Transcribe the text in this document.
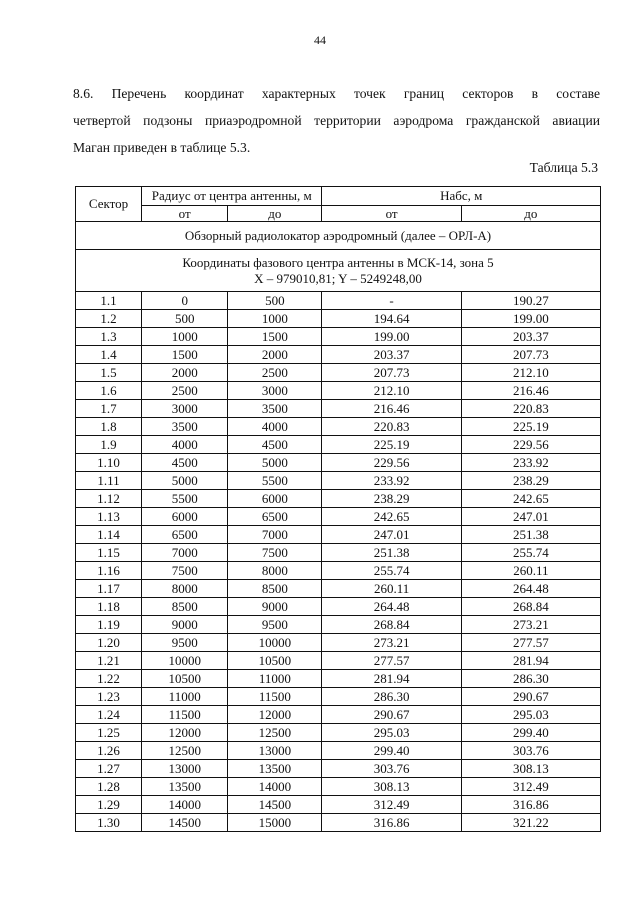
44
8.6. Перечень координат характерных точек границ секторов в составе
четвертой подзоны приаэродромной территории аэродрома гражданской авиации
Маган приведен в таблице 5.3.
Таблица 5.3
Сектор	Радиус от центра антенны, м		Набс, м	
	от	до	от	до
Обзорный радиолокатор аэродромный (далее – ОРЛ-А)				

Координаты фазового центра антенны в МСК-14, зона 5
X – 979010,81; Y – 5249248,00				

1.1	0	500	-	190.27
1.2	500	1000	194.64	199.00
1.3	1000	1500	199.00	203.37
1.4	1500	2000	203.37	207.73
1.5	2000	2500	207.73	212.10
1.6	2500	3000	212.10	216.46
1.7	3000	3500	216.46	220.83
1.8	3500	4000	220.83	225.19
1.9	4000	4500	225.19	229.56
1.10	4500	5000	229.56	233.92
1.11	5000	5500	233.92	238.29
1.12	5500	6000	238.29	242.65
1.13	6000	6500	242.65	247.01
1.14	6500	7000	247.01	251.38
1.15	7000	7500	251.38	255.74
1.16	7500	8000	255.74	260.11
1.17	8000	8500	260.11	264.48
1.18	8500	9000	264.48	268.84
1.19	9000	9500	268.84	273.21
1.20	9500	10000	273.21	277.57
1.21	10000	10500	277.57	281.94
1.22	10500	11000	281.94	286.30
1.23	11000	11500	286.30	290.67
1.24	11500	12000	290.67	295.03
1.25	12000	12500	295.03	299.40
1.26	12500	13000	299.40	303.76
1.27	13000	13500	303.76	308.13
1.28	13500	14000	308.13	312.49
1.29	14000	14500	312.49	316.86
1.30	14500	15000	316.86	321.22
